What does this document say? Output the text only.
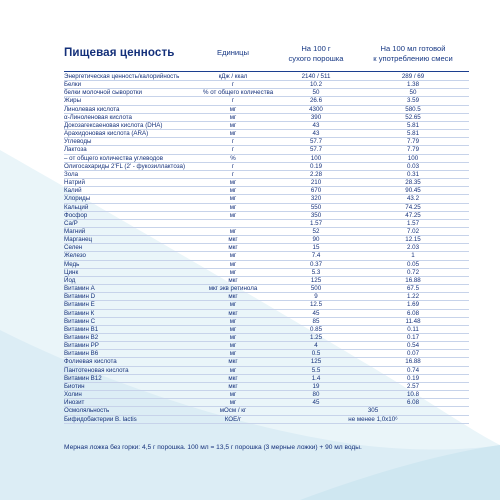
Пищевая ценность	Единицы	На 100 г
сухого порошка
На 100 мл готовой
к употреблению смеси
Энергетическая ценность/калорийность	кДж / ккал	2140 / 511	289 / 69
Белки	г	10.2	1.38
белки молочной сыворотки	% от общего количества	50	50
Жиры	г	26.6	3.59
Линолевая кислота	мг	4300	580.5
α-Линоленовая кислота	мг	390	52.65
Докозагексаеновая кислота (DHA)	мг	43	5.81
Арахидоновая кислота (ARA)	мг	43	5.81
Углеводы	г	57.7	7.79
Лактоза	г	57.7	7.79
– от общего количества углеводов	%	100	100
Олигосахариды 2'FL (2' - фукозиллактоза)	г	0.19	0.03
Зола	г	2.28	0.31
Натрий	мг	210	28.35
Калий	мг	670	90.45
Хлориды	мг	320	43.2
Кальций	мг	550	74.25
Фосфор	мг	350	47.25
Ca/P	1.57	1.57
Магний	мг	52	7.02
Марганец	мкг	90	12.15
Селен	мкг	15	2.03
Железо	мг	7.4	1
Медь	мг	0.37	0.05
Цинк	мг	5.3	0.72
Йод	мкг	125	16.88
Витамин А	мкг экв ретинола	500	67.5
Витамин D	мкг	9	1.22
Витамин Е	мг	12.5	1.69
Витамин К	мкг	45	6.08
Витамин С	мг	85	11.48
Витамин В1	мг	0.85	0.11
Витамин В2	мг	1.25	0.17
Витамин РР	мг	4	0.54
Витамин В6	мг	0.5	0.07
Фолиевая кислота	мкг	125	16.88
Пантотеновая кислота	мг	5.5	0.74
Витамин В12	мкг	1.4	0.19
Биотин	мкг	19	2.57
Холин	мг	80	10.8
Инозит	мг	45	6.08
Осмоляльность	мОсм / кг	305
Бифидобактерии B. lactis	КОЕ/г	не менее 1,0х10⁶
Мерная ложка без горки: 4,5 г порошка. 100 мл = 13,5 г порошка (3 мерные ложки) + 90 мл воды.
